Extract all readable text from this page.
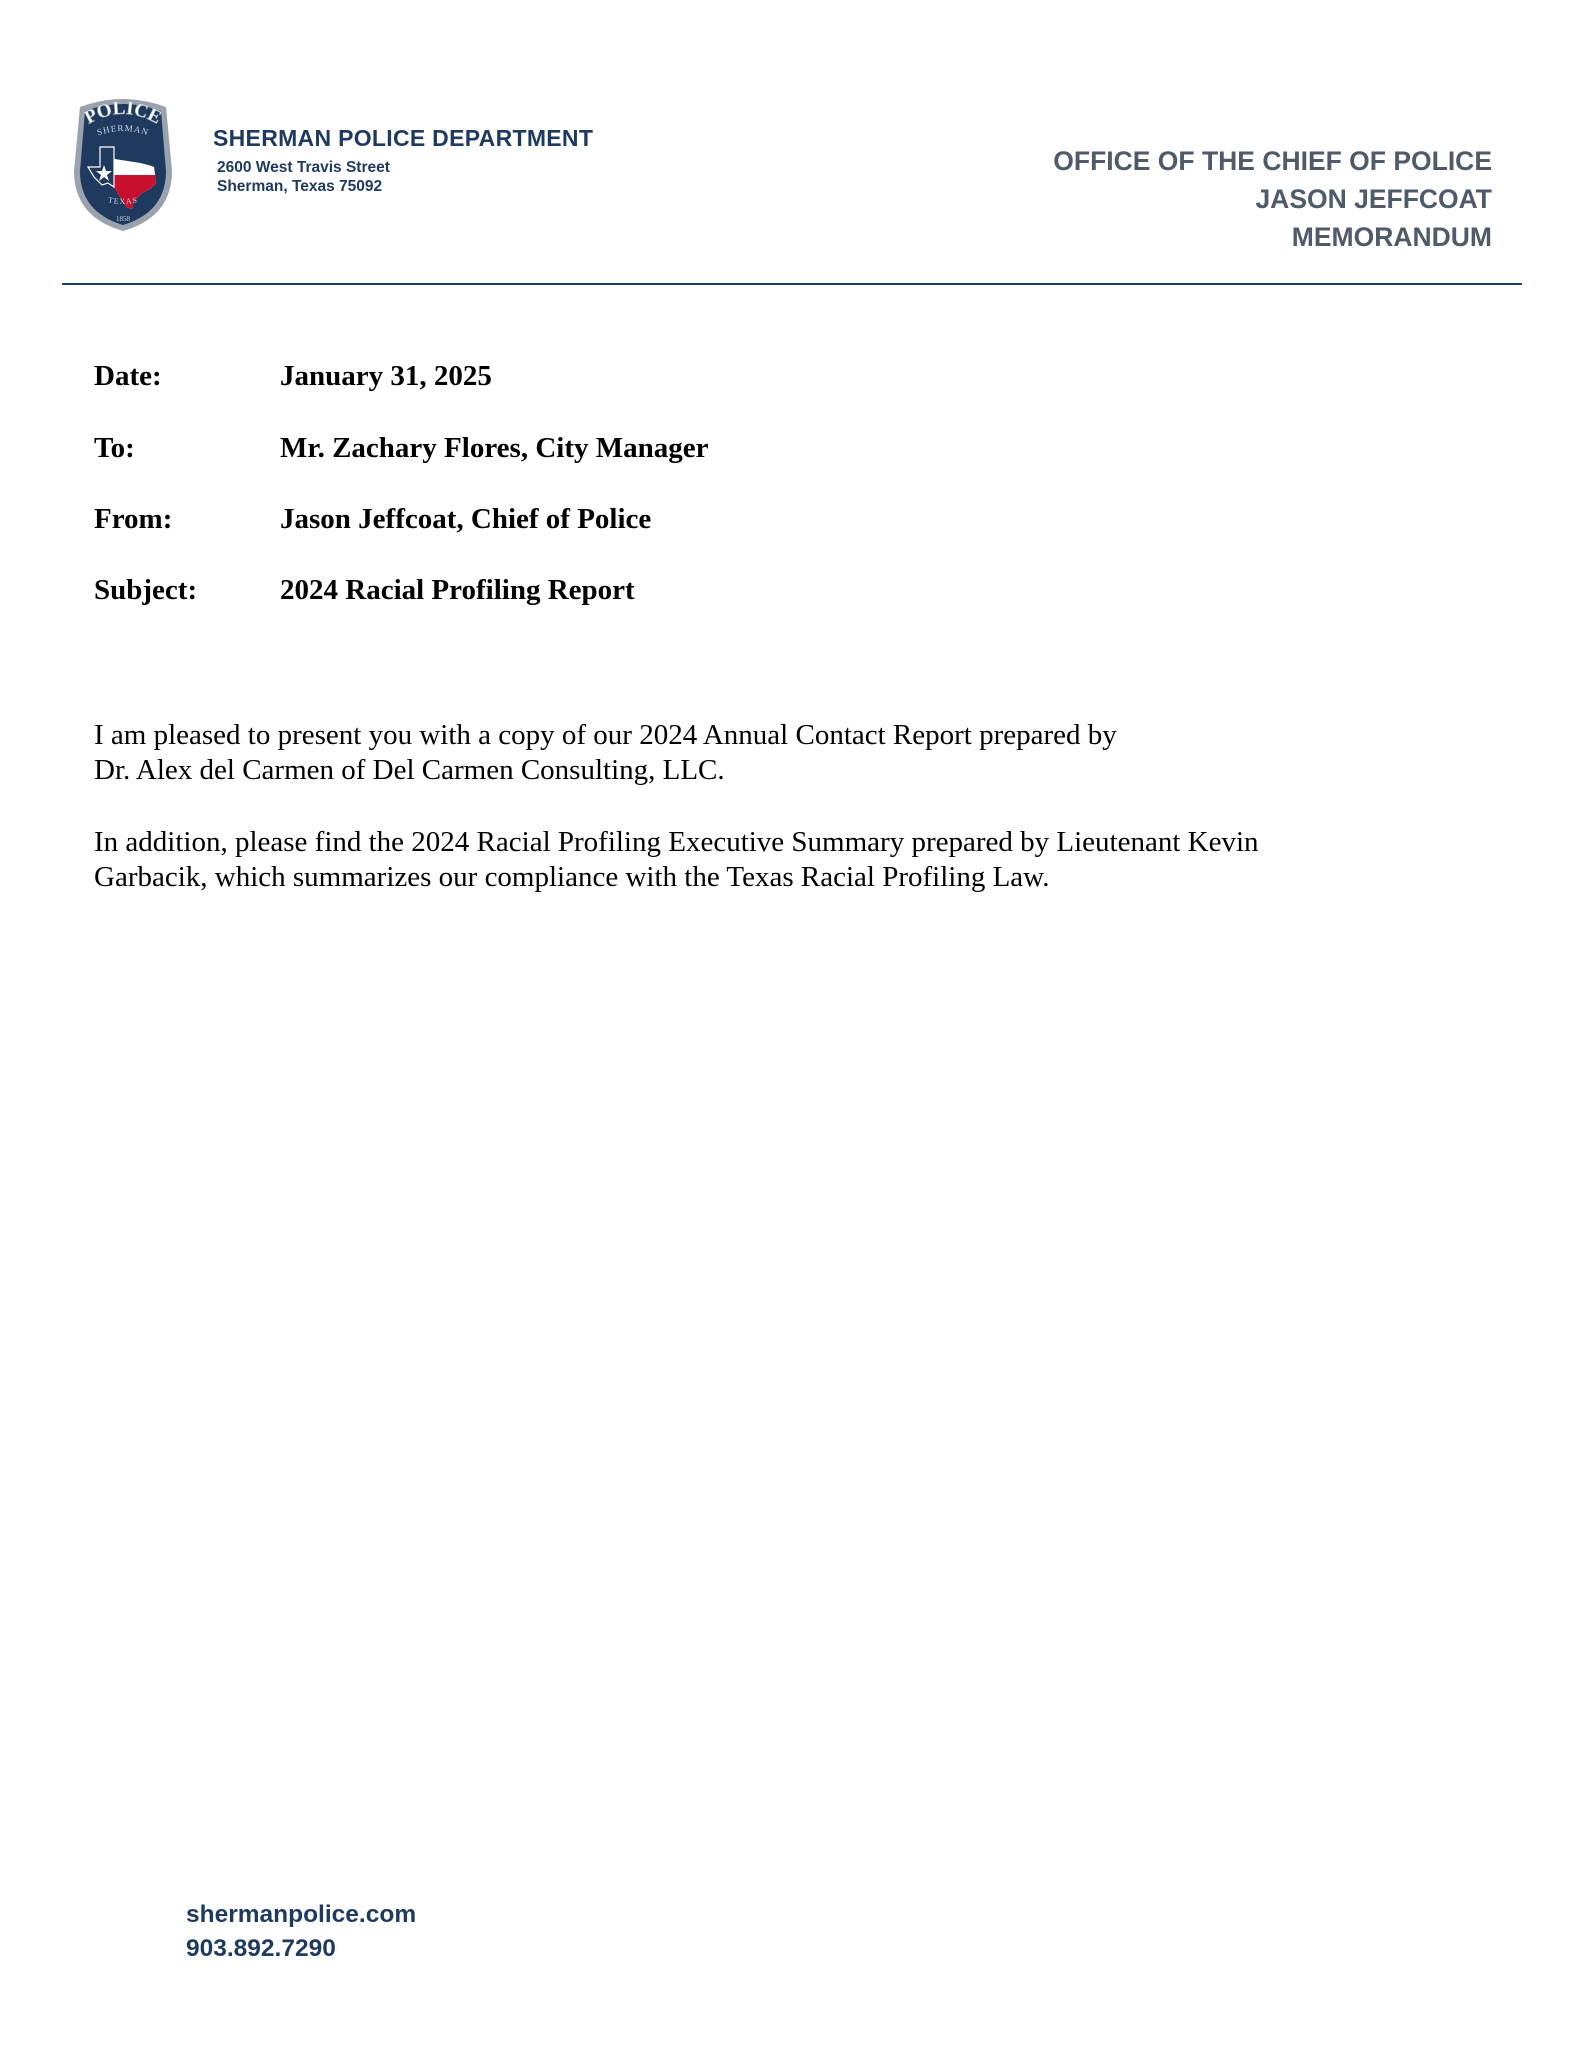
POLICE
SHERMAN
TEXAS
1858
SHERMAN POLICE DEPARTMENT
2600 West Travis Street
Sherman, Texas 75092
OFFICE OF THE CHIEF OF POLICE
JASON JEFFCOAT
MEMORANDUM
Date:	January 31, 2025
To:	Mr. Zachary Flores, City Manager
From:	Jason Jeffcoat, Chief of Police
Subject:	2024 Racial Profiling Report
I am pleased to present you with a copy of our 2024 Annual Contact Report prepared by
Dr. Alex del Carmen of Del Carmen Consulting, LLC.
In addition, please find the 2024 Racial Profiling Executive Summary prepared by Lieutenant Kevin
Garbacik, which summarizes our compliance with the Texas Racial Profiling Law.
shermanpolice.com
903.892.7290
